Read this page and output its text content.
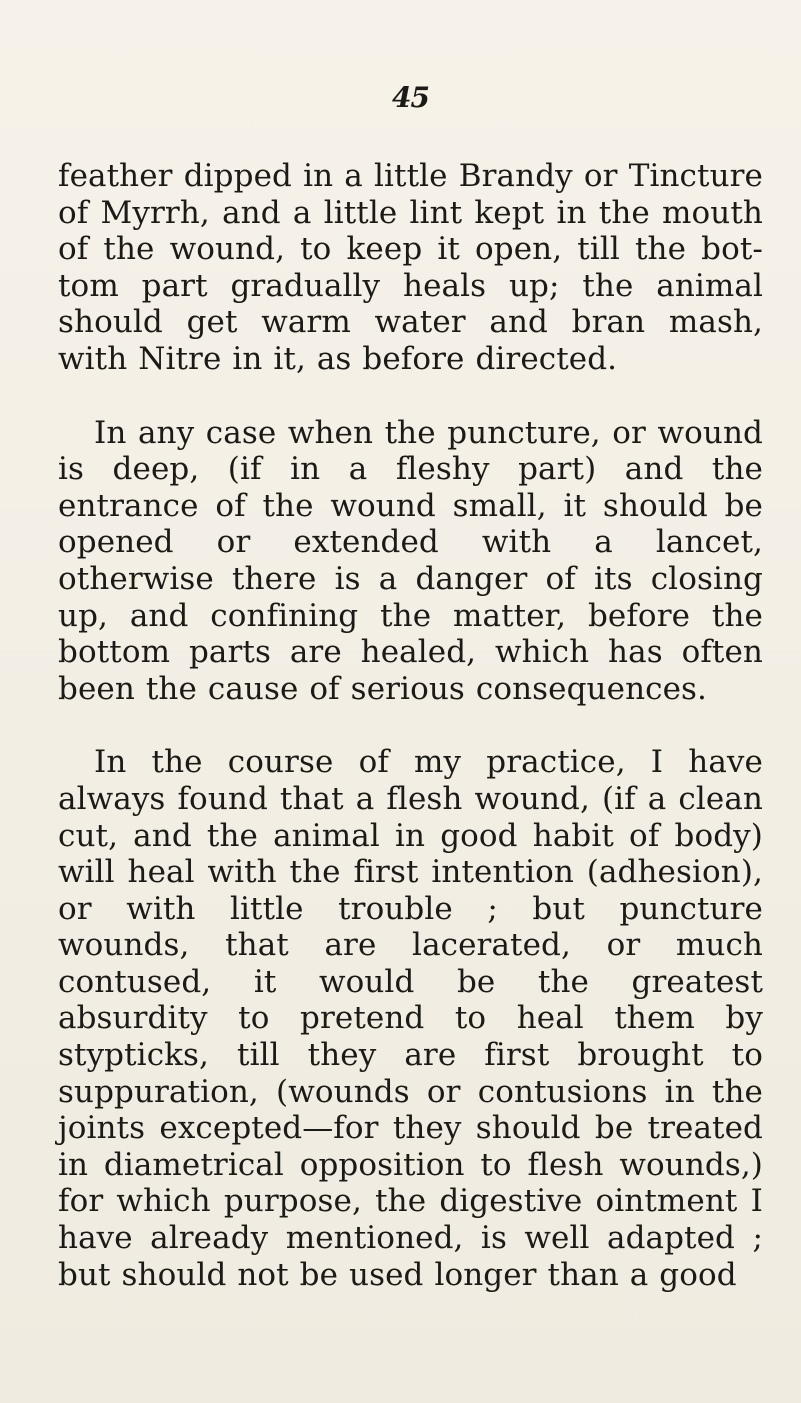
45

feather dipped in a little Brandy or Tincture of Myrrh, and a little lint kept in the mouth of the wound, to keep it open, till the bot-tom part gradually heals up; the animal should get warm water and bran mash, with Nitre in it, as before directed.

In any case when the puncture, or wound is deep, (if in a fleshy part) and the entrance of the wound small, it should be opened or extended with a lancet, otherwise there is a danger of its closing up, and confining the matter, before the bottom parts are healed, which has often been the cause of serious consequences.

In the course of my practice, I have always found that a flesh wound, (if a clean cut, and the animal in good habit of body) will heal with the first intention (adhesion), or with little trouble ; but puncture wounds, that are lacerated, or much contused, it would be the greatest absurdity to pretend to heal them by stypticks, till they are first brought to suppuration, (wounds or contusions in the joints excepted—for they should be treated in diametrical opposition to flesh wounds,) for which purpose, the digestive ointment I have already mentioned, is well adapted ; but should not be used longer than a good
